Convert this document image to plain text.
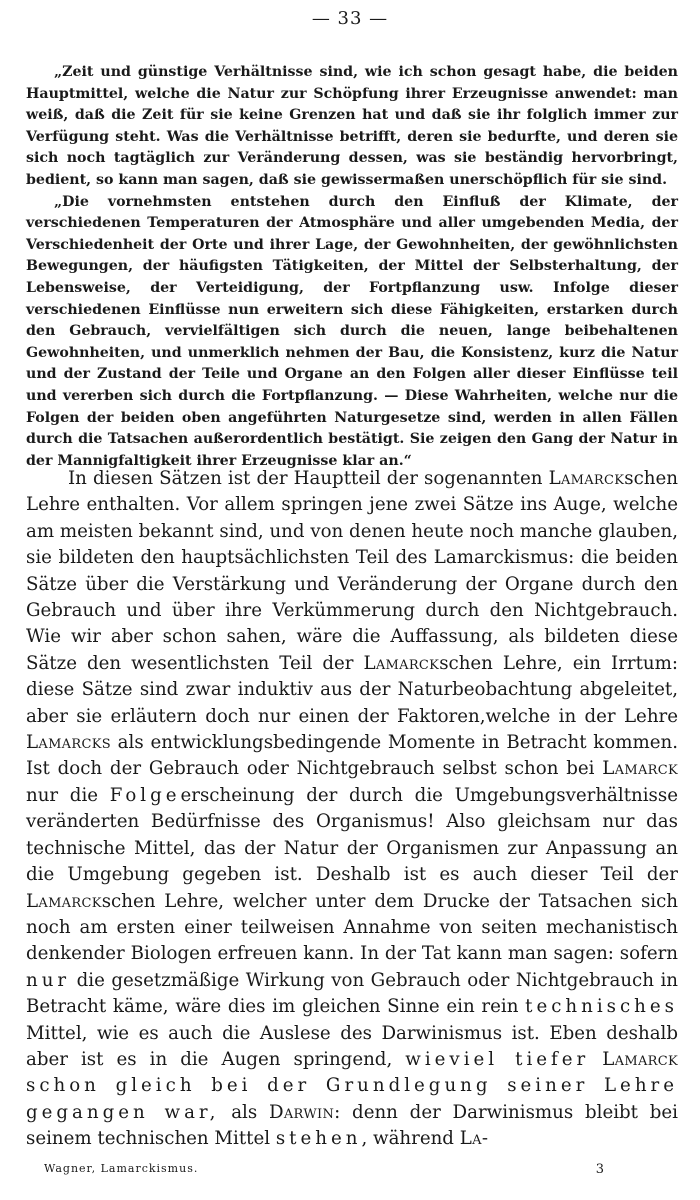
— 33 —

„Zeit und günstige Verhältnisse sind, wie ich schon gesagt habe, die beiden Hauptmittel, welche die Natur zur Schöpfung ihrer Erzeugnisse anwendet: man weiß, daß die Zeit für sie keine Grenzen hat und daß sie ihr folglich immer zur Verfügung steht. Was die Verhältnisse betrifft, deren sie bedurfte, und deren sie sich noch tagtäglich zur Veränderung dessen, was sie beständig hervorbringt, bedient, so kann man sagen, daß sie gewissermaßen unerschöpflich für sie sind.

„Die vornehmsten entstehen durch den Einfluß der Klimate, der verschiedenen Temperaturen der Atmosphäre und aller umgebenden Media, der Verschiedenheit der Orte und ihrer Lage, der Gewohnheiten, der gewöhnlichsten Bewegungen, der häufigsten Tätigkeiten, der Mittel der Selbsterhaltung, der Lebensweise, der Verteidigung, der Fortpflanzung usw. Infolge dieser verschiedenen Einflüsse nun erweitern sich diese Fähigkeiten, erstarken durch den Gebrauch, vervielfältigen sich durch die neuen, lange beibehaltenen Gewohnheiten, und unmerklich nehmen der Bau, die Konsistenz, kurz die Natur und der Zustand der Teile und Organe an den Folgen aller dieser Einflüsse teil und vererben sich durch die Fortpflanzung. — Diese Wahrheiten, welche nur die Folgen der beiden oben angeführten Naturgesetze sind, werden in allen Fällen durch die Tatsachen außerordentlich bestätigt. Sie zeigen den Gang der Natur in der Mannigfaltigkeit ihrer Erzeugnisse klar an.“

In diesen Sätzen ist der Hauptteil der sogenannten Lamarckschen Lehre enthalten. Vor allem springen jene zwei Sätze ins Auge, welche am meisten bekannt sind, und von denen heute noch manche glauben, sie bildeten den hauptsächlichsten Teil des Lamarckismus: die beiden Sätze über die Verstärkung und Veränderung der Organe durch den Gebrauch und über ihre Verkümmerung durch den Nichtgebrauch. Wie wir aber schon sahen, wäre die Auffassung, als bildeten diese Sätze den wesentlichsten Teil der Lamarckschen Lehre, ein Irrtum: diese Sätze sind zwar induktiv aus der Naturbeobachtung abgeleitet, aber sie erläutern doch nur einen der Faktoren,welche in der Lehre Lamarcks als entwicklungsbedingende Momente in Betracht kommen. Ist doch der Gebrauch oder Nichtgebrauch selbst schon bei Lamarck nur die Folgeerscheinung der durch die Umgebungsverhältnisse veränderten Bedürfnisse des Organismus! Also gleichsam nur das technische Mittel, das der Natur der Organismen zur Anpassung an die Umgebung gegeben ist. Deshalb ist es auch dieser Teil der Lamarckschen Lehre, welcher unter dem Drucke der Tatsachen sich noch am ersten einer teilweisen Annahme von seiten mechanistisch denkender Biologen erfreuen kann. In der Tat kann man sagen: sofern nur die gesetzmäßige Wirkung von Gebrauch oder Nichtgebrauch in Betracht käme, wäre dies im gleichen Sinne ein rein technisches Mittel, wie es auch die Auslese des Darwinismus ist. Eben deshalb aber ist es in die Augen springend, wieviel tiefer Lamarck schon gleich bei der Grundlegung seiner Lehre gegangen war, als Darwin: denn der Darwinismus bleibt bei seinem technischen Mittel stehen, während La-

Wagner, Lamarckismus.	3
